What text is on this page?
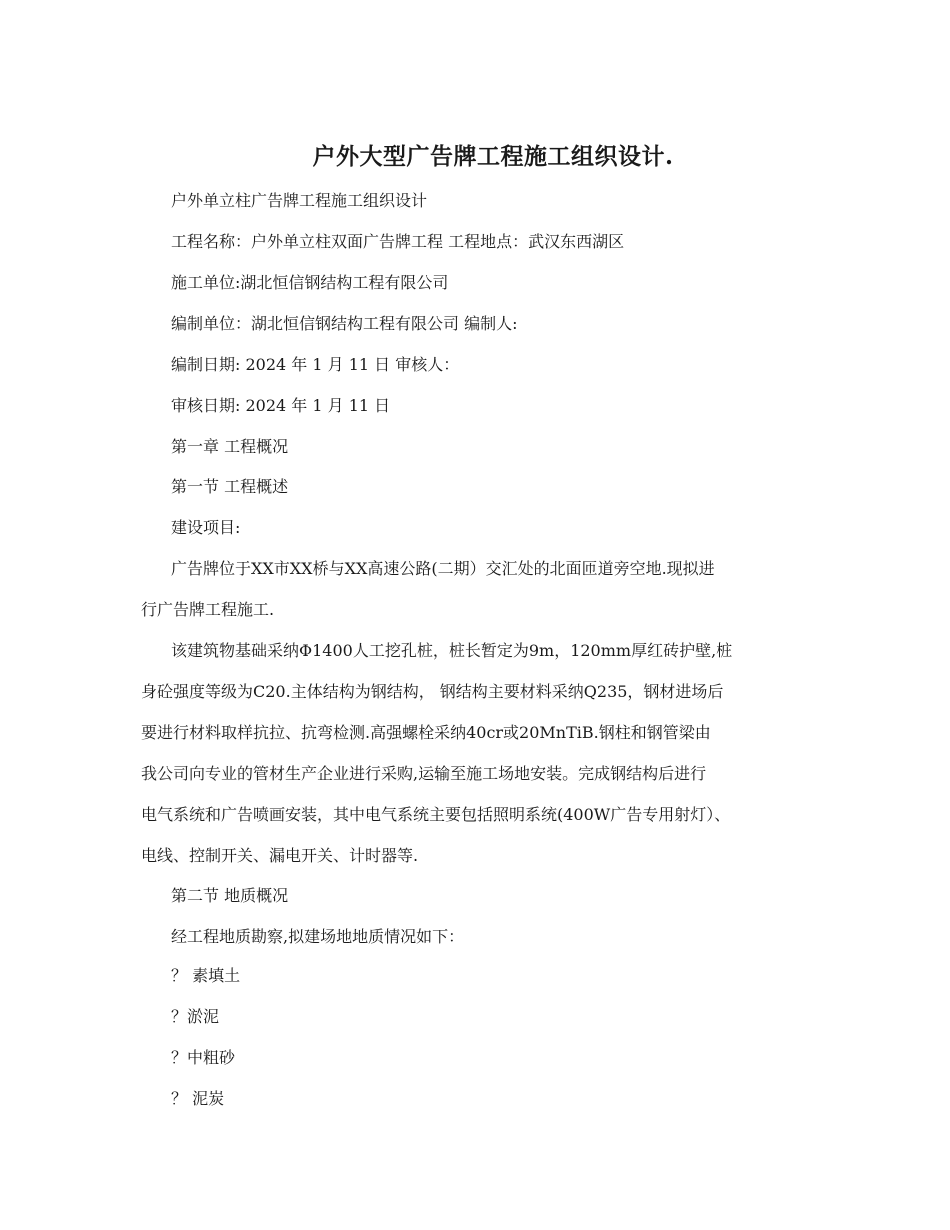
户外大型广告牌工程施工组织设计.
户外单立柱广告牌工程施工组织设计
工程名称：户外单立柱双面广告牌工程 工程地点：武汉东西湖区
施工单位:湖北恒信钢结构工程有限公司
编制单位：湖北恒信钢结构工程有限公司 编制人:
编制日期: 2024 年 1 月 11 日 审核人：
审核日期: 2024 年 1 月 11 日
第一章 工程概况
第一节 工程概述
建设项目:
广告牌位于XX市XX桥与XX高速公路(二期）交汇处的北面匝道旁空地.现拟进
行广告牌工程施工.
该建筑物基础采纳Φ1400人工挖孔桩，桩长暂定为9m，120mm厚红砖护壁,桩
身砼强度等级为C20.主体结构为钢结构， 钢结构主要材料采纳Q235，钢材进场后
要进行材料取样抗拉、抗弯检测.高强螺栓采纳40cr或20MnTiB.钢柱和钢管梁由
我公司向专业的管材生产企业进行采购,运输至施工场地安装。完成钢结构后进行
电气系统和广告喷画安装，其中电气系统主要包括照明系统(400W广告专用射灯）、
电线、控制开关、漏电开关、计时器等.
第二节 地质概况
经工程地质勘察,拟建场地地质情况如下：
？ 素填土
？淤泥
？中粗砂
？ 泥炭
